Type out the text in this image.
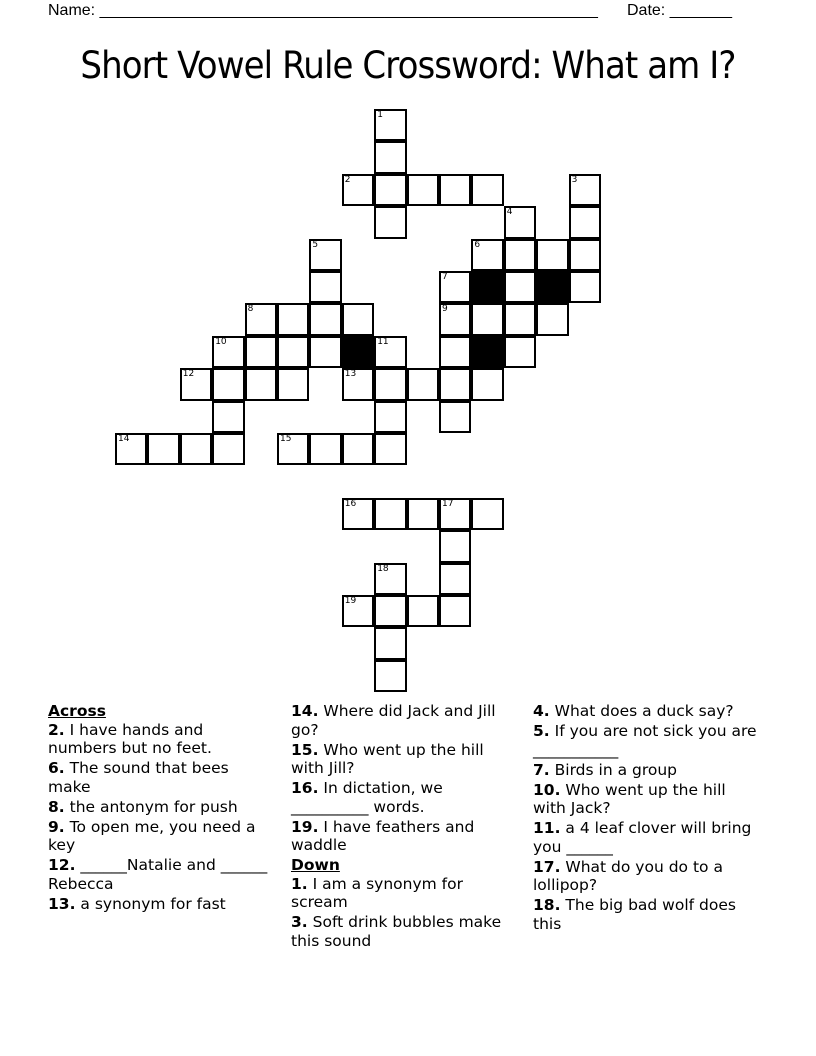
Name: ________________________________________________________ Date: _______
Short Vowel Rule Crossword: What am I?
1
2	3
4
5	6
7
8	9
10	11
12	13
14	15
16	17
18
19
Across
2. I have hands and numbers but no feet.
6. The sound that bees make
8. the antonym for push
9. To open me, you need a key
12. ______Natalie and ______ Rebecca
13. a synonym for fast
14. Where did Jack and Jill go?
15. Who went up the hill with Jill?
16. In dictation, we __________ words.
19. I have feathers and waddle
Down
1. I am a synonym for scream
3. Soft drink bubbles make this sound
4. What does a duck say?
5. If you are not sick you are ___________
7. Birds in a group
10. Who went up the hill with Jack?
11. a 4 leaf clover will bring you ______
17. What do you do to a lollipop?
18. The big bad wolf does this
